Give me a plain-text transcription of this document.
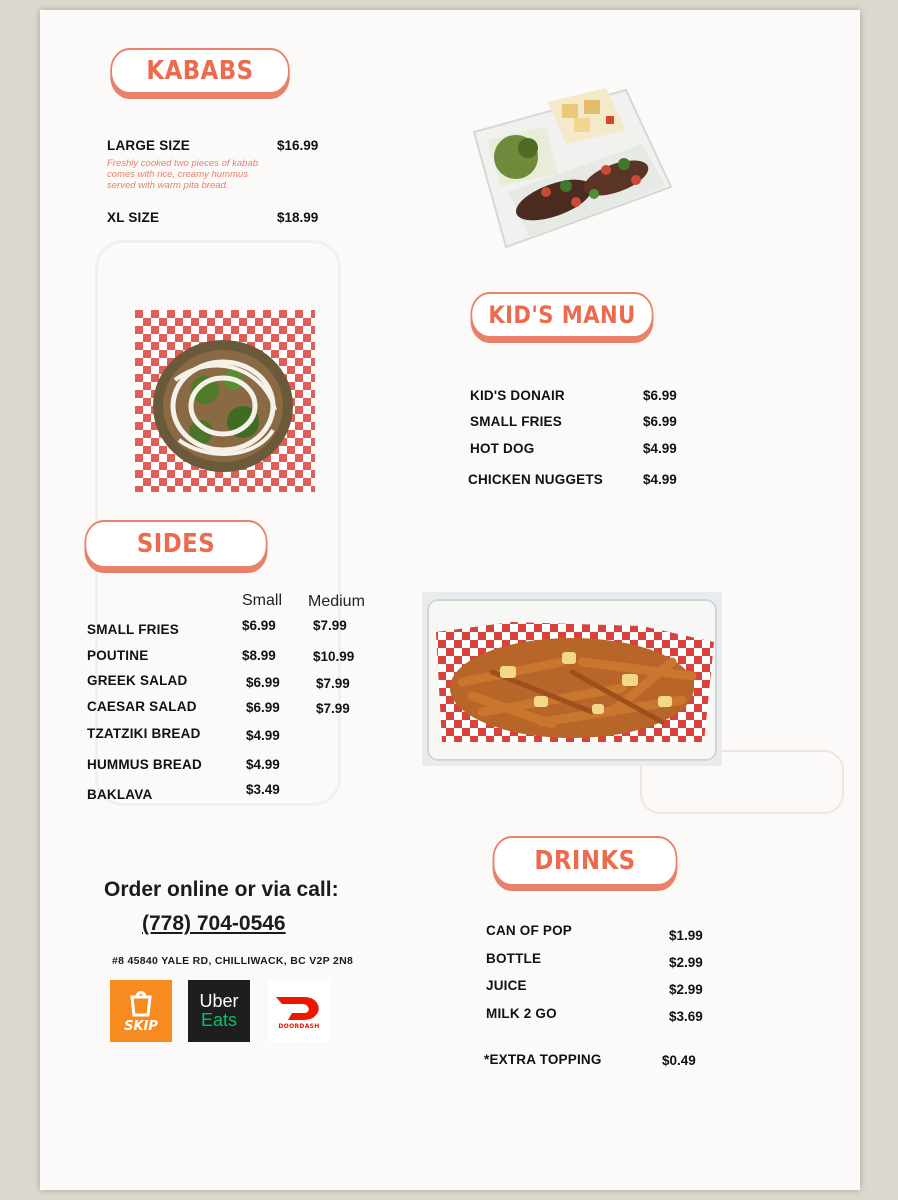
KABABS
LARGE SIZE	$16.99
Freshly cooked two pieces of kabab comes with rice, creamy hummus served with warm pita bread.
XL SIZE	$18.99
KID'S MANU
KID'S DONAIR	$6.99
SMALL FRIES	$6.99
HOT DOG	$4.99
CHICKEN NUGGETS	$4.99
SIDES
Small Medium
SMALL FRIES	$6.99	$7.99
POUTINE	$8.99	$10.99
GREEK SALAD	$6.99	$7.99
CAESAR SALAD	$6.99	$7.99
TZATZIKI BREAD	$4.99
HUMMUS BREAD	$4.99
BAKLAVA	$3.49
DRINKS
CAN OF POP	$1.99
BOTTLE	$2.99
JUICE	$2.99
MILK 2 GO	$3.69
*EXTRA TOPPING	$0.49
Order online or via call:
(778) 704-0546
#8 45840 YALE RD, CHILLIWACK, BC V2P 2N8
SKIP
Uber
Eats	DOORDASH
